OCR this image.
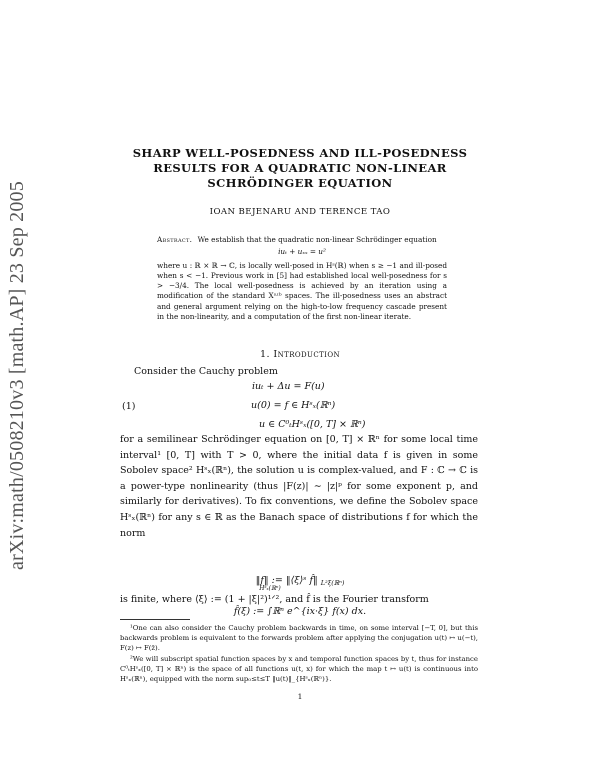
arXiv:math/0508210v3 [math.AP] 23 Sep 2005
SHARP WELL-POSEDNESS AND ILL-POSEDNESS
RESULTS FOR A QUADRATIC NON-LINEAR
SCHRÖDINGER EQUATION
IOAN BEJENARU AND TERENCE TAO

Abstract. We establish that the quadratic non-linear Schrödinger equation

iuₜ + uₓₓ = u²

where u : ℝ × ℝ → ℂ, is locally well-posed in Hˢ(ℝ) when s ≥ −1 and ill-posed when s < −1. Previous work in [5] had established local well-posedness for s > −3/4. The local well-posedness is achieved by an iteration using a modification of the standard Xˢʴᵇ spaces. The ill-posedness uses an abstract and general argument relying on the high-to-low frequency cascade present in the non-linearity, and a computation of the first non-linear iterate.

1. Introduction

Consider the Cauchy problem

(1)
iuₜ + Δu = F(u)
u(0) = f ∈ Hˢₓ(ℝⁿ)
u ∈ C⁰ₜHˢₓ([0, T] × ℝⁿ)

for a semilinear Schrödinger equation on [0, T] × ℝⁿ for some local time interval¹ [0, T] with T > 0, where the initial data f is given in some Sobolev space² Hˢₓ(ℝⁿ), the solution u is complex-valued, and F : ℂ → ℂ is a power-type nonlinearity (thus |F(z)| ∼ |z|ᵖ for some exponent p, and similarly for derivatives). To fix conventions, we define the Sobolev space Hˢₓ(ℝⁿ) for any s ∈ ℝ as the Banach space of distributions f for which the norm

‖f‖ := ‖⟨ξ⟩ˢ f̂‖ $_{L^2\xi(ℝ^n)}$
Hˢₓ(ℝⁿ)

is finite, where ⟨ξ⟩ := (1 + |ξ|²)¹ᐟ², and f̂ is the Fourier transform

f̂(ξ) := ∫ℝⁿ e^{ix·ξ} f(x) dx.

¹One can also consider the Cauchy problem backwards in time, on some interval [−T, 0], but this backwards problem is equivalent to the forwards problem after applying the conjugation u(t) ↦ u(−t), F(z) ↦ F(z̄).

²We will subscript spatial function spaces by x and temporal function spaces by t, thus for instance C⁰ₜHˢₓ([0, T] × ℝⁿ) is the space of all functions u(t, x) for which the map t ↦ u(t) is continuous into Hˢₓ(ℝⁿ), equipped with the norm sup₀≤t≤T ‖u(t)‖_{Hˢₓ(ℝⁿ)}.

1
